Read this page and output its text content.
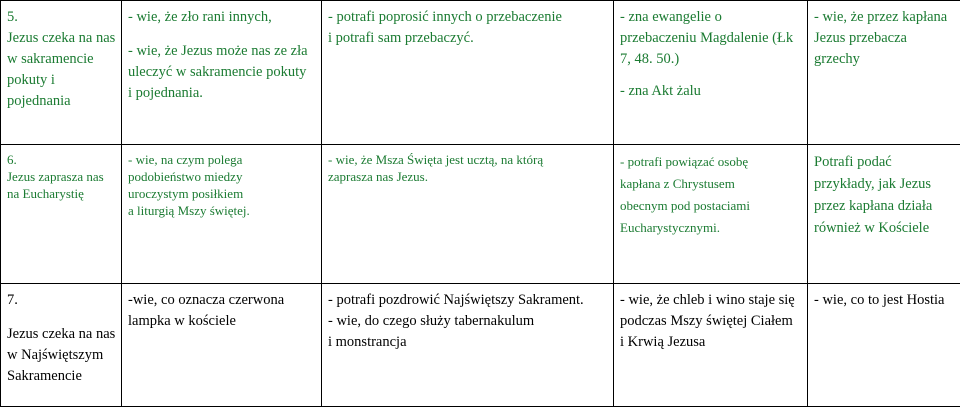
5.
Jezus czeka na nas
w sakramencie
pokuty i
pojednania	- wie, że zło rani innych,
- wie, że Jezus może nas ze zła
uleczyć w sakramencie pokuty
i pojednania.	- potrafi poprosić innych o przebaczenie
i potrafi sam przebaczyć.	- zna ewangelie o
przebaczeniu Magdalenie (Łk
7, 48. 50.)
- zna Akt żalu	- wie, że przez kapłana
Jezus przebacza
grzechy

6.
Jezus zaprasza nas
na Eucharystię	- wie, na czym polega
podobieństwo miedzy
uroczystym posiłkiem
a liturgią Mszy świętej.	- wie, że Msza Święta jest ucztą, na którą
zaprasza nas Jezus.	- potrafi powiązać osobę
kapłana z Chrystusem
obecnym pod postaciami
Eucharystycznymi.	Potrafi podać
przykłady, jak Jezus
przez kapłana działa
również w Kościele

7.
Jezus czeka na nas
w Najświętszym
Sakramencie	-wie, co oznacza czerwona
lampka w kościele	- potrafi pozdrowić Najświętszy Sakrament.
- wie, do czego służy tabernakulum
i monstrancja	- wie, że chleb i wino staje się
podczas Mszy świętej Ciałem
i Krwią Jezusa	- wie, co to jest Hostia
